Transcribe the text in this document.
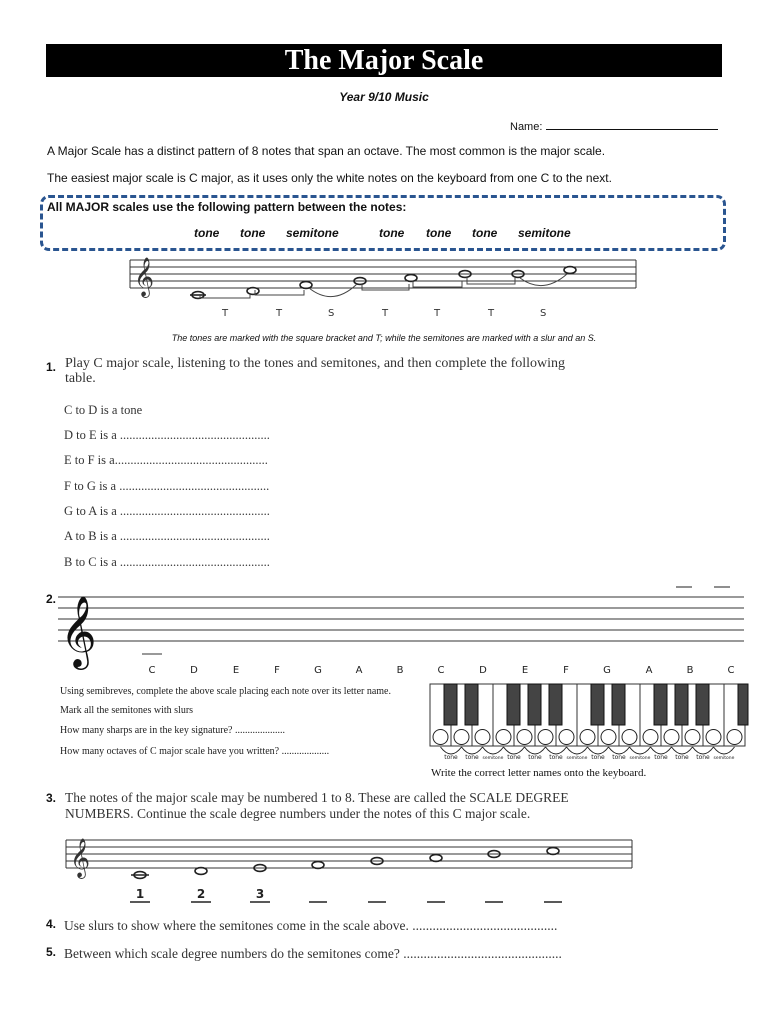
The Major Scale
Year 9/10 Music
Name:
A Major Scale has a distinct pattern of 8 notes that span an octave. The most common is the major scale.
The easiest major scale is C major, as it uses only the white notes on the keyboard from one C to the next.
All MAJOR scales use the following pattern between the notes:
tone tone semitone	tone tone tone semitone
𝄞
T	T	S	T	T	T	S
The tones are marked with the square bracket and T; while the semitones are marked with a slur and an S.
1. Play C major scale, listening to the tones and semitones, and then complete the following table.
C to D is a tone
D to E is a ................................................
E to F is a.................................................
F to G is a ................................................
G to A is a ................................................
A to B is a ................................................
B to C is a ................................................
2. 𝄞
C	D	E	F	G	A	B	C	D	E	F	G	A	B	C
Using semibreves, complete the above scale placing each note over its letter name.
Mark all the semitones with slurs
How many sharps are in the key signature? ....................
How many octaves of C major scale have you written? ...................
tone tone semitone tone tone tone semitone tone tone semitone tone tone tone semitone
Write the correct letter names onto the keyboard.
3. The notes of the major scale may be numbered 1 to 8. These are called the SCALE DEGREE NUMBERS. Continue the scale degree numbers under the notes of this C major scale.
𝄞
1	2	3
4. Use slurs to show where the semitones come in the scale above. ...........................................
5. Between which scale degree numbers do the semitones come? ...............................................
